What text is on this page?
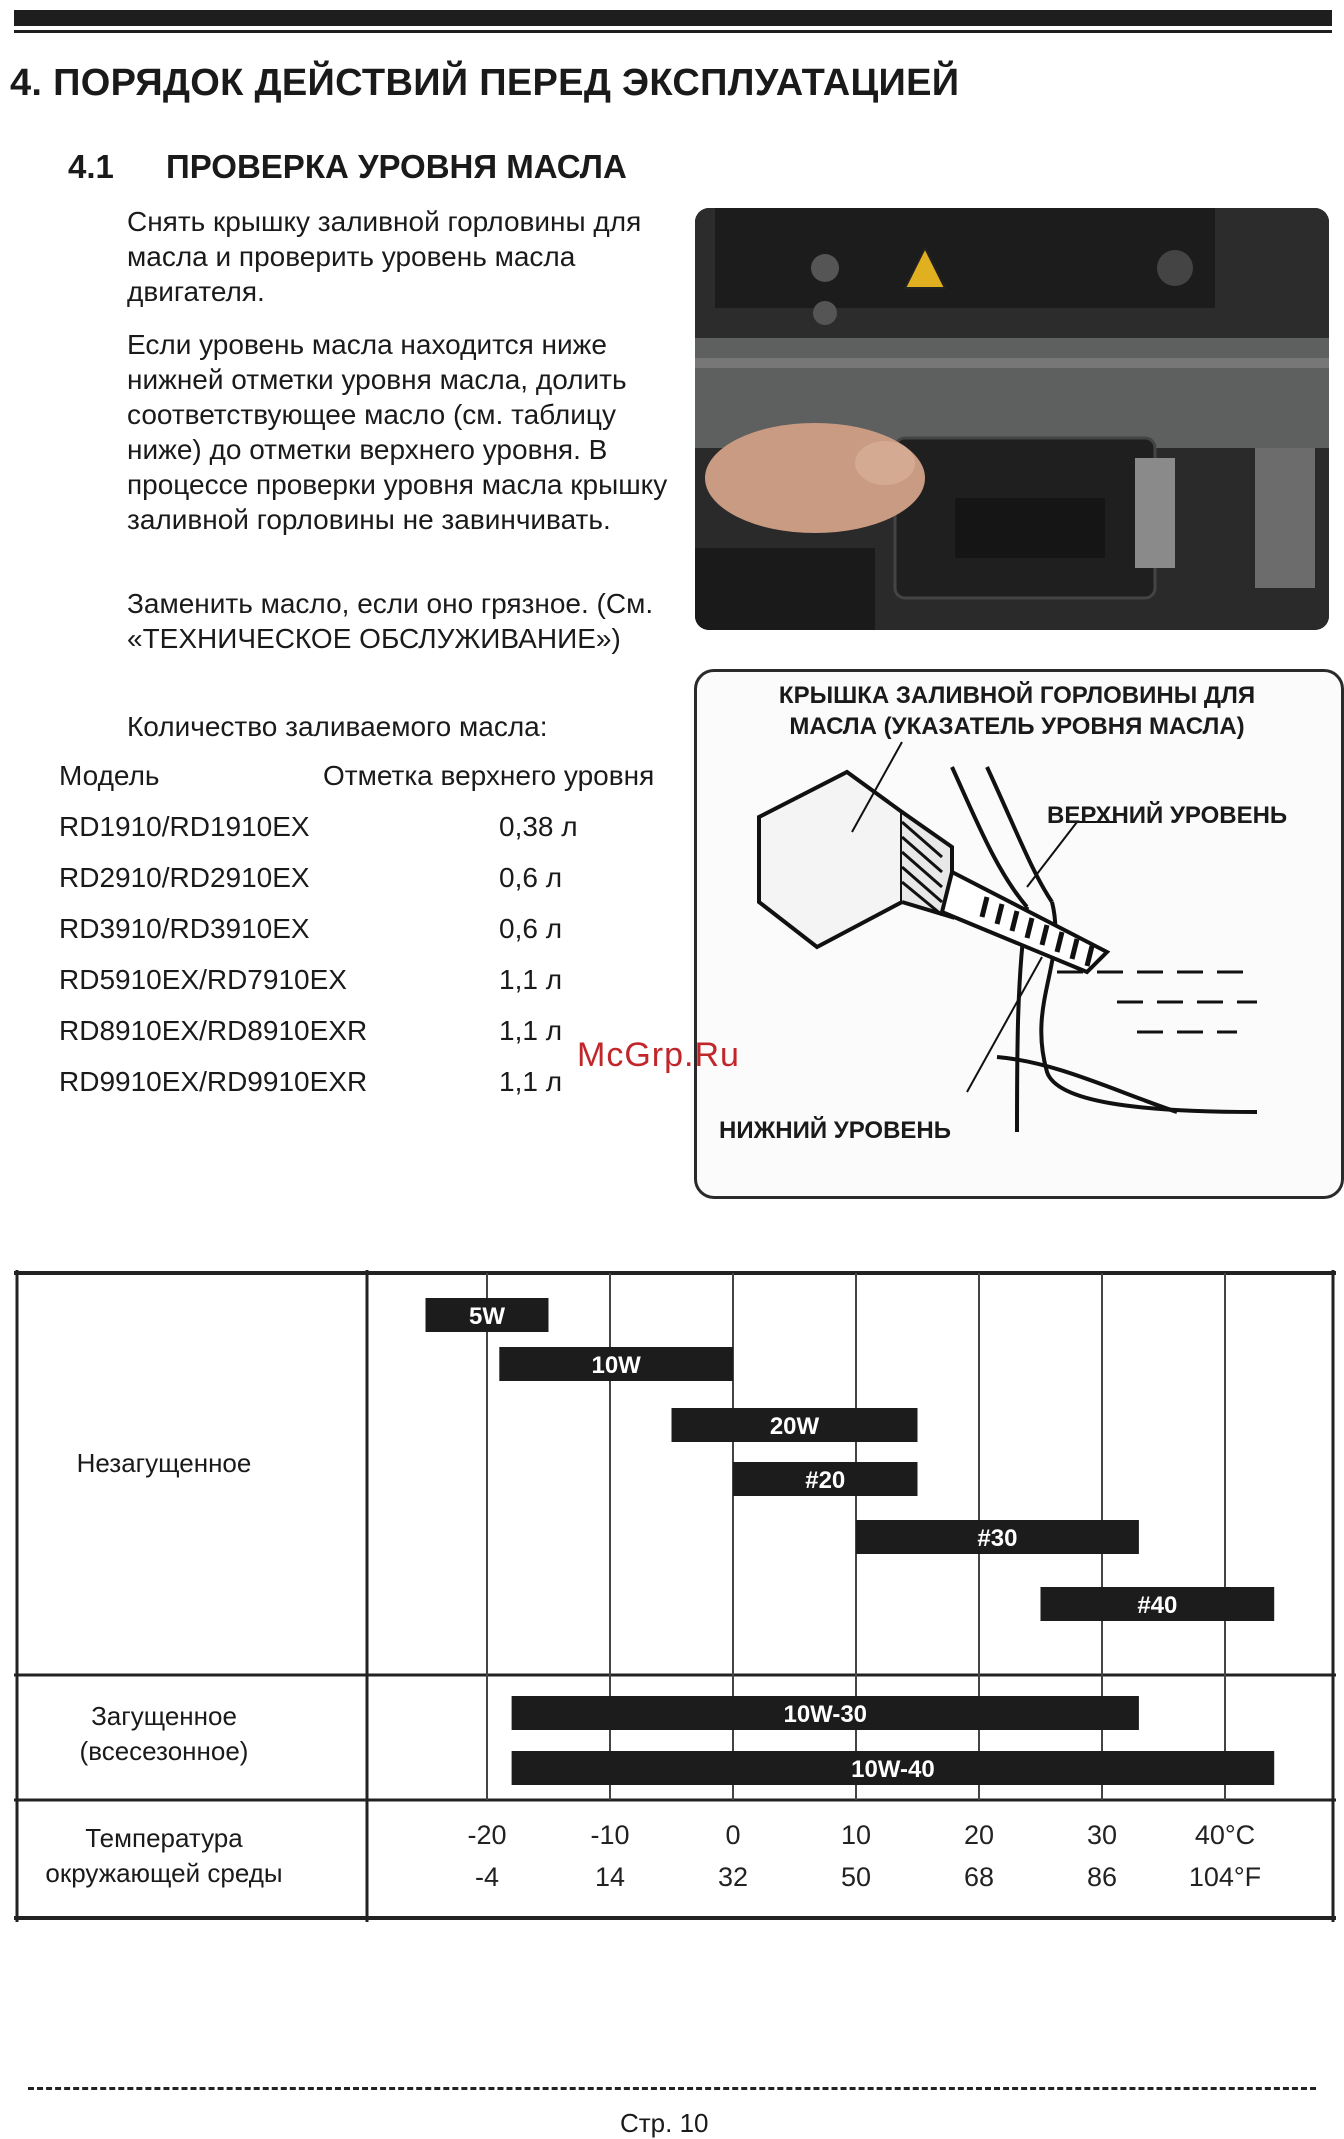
4. ПОРЯДОК ДЕЙСТВИЙ ПЕРЕД ЭКСПЛУАТАЦИЕЙ
4.1 ПРОВЕРКА УРОВНЯ МАСЛА
Снять крышку заливной горловины для масла и проверить уровень масла двигателя.
Если уровень масла находится ниже нижней отметки уровня масла, долить соответствующее масло (см. таблицу ниже) до отметки верхнего уровня. В процессе проверки уровня масла крышку заливной горловины не завинчивать.
Заменить масло, если оно грязное. (См. «ТЕХНИЧЕСКОЕ ОБСЛУЖИВАНИЕ»)
Количество заливаемого масла:
Модель	Отметка верхнего уровня
RD1910/RD1910EX	0,38 л
RD2910/RD2910EX	0,6 л
RD3910/RD3910EX	0,6 л
RD5910EX/RD7910EX	1,1 л
RD8910EX/RD8910EXR	1,1 л
RD9910EX/RD9910EXR	1,1 л
КРЫШКА ЗАЛИВНОЙ ГОРЛОВИНЫ ДЛЯ
МАСЛА (УКАЗАТЕЛЬ УРОВНЯ МАСЛА)
ВЕРХНИЙ УРОВЕНЬ
НИЖНИЙ УРОВЕНЬ
McGrp.Ru
5W
10W
20W
#20
#30
#40
10W-30
10W-40
Незагущенное
Загущенное
(всесезонное)
Температура
окружающей среды
-20	-10	0	10	20	30	40°C
-4	14	32	50	68	86	104°F
Стр. 10
